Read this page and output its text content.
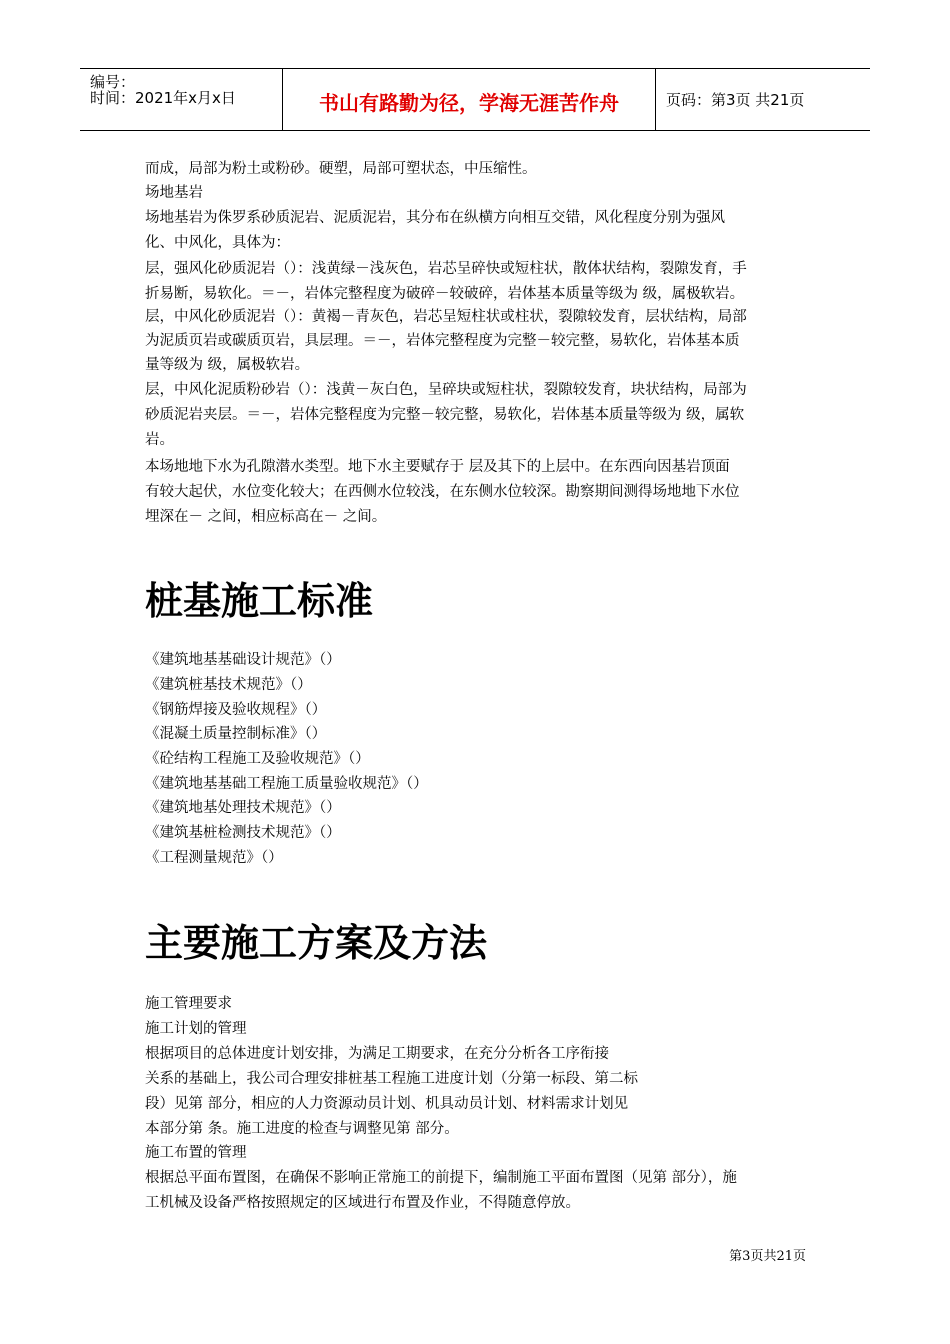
编号：
时间：2021年x月x日	书山有路勤为径，学海无涯苦作舟	页码：第3页 共21页
而成，局部为粉土或粉砂。硬塑，局部可塑状态，中压缩性。
场地基岩
场地基岩为侏罗系砂质泥岩、泥质泥岩，其分布在纵横方向相互交错，风化程度分别为强风
化、中风化，具体为：
层，强风化砂质泥岩（）：浅黄绿－浅灰色，岩芯呈碎快或短柱状，散体状结构，裂隙发育，手
折易断，易软化。＝－，岩体完整程度为破碎－较破碎，岩体基本质量等级为 级，属极软岩。
层，中风化砂质泥岩（）：黄褐－青灰色，岩芯呈短柱状或柱状，裂隙较发育，层状结构，局部
为泥质页岩或碳质页岩，具层理。＝－，岩体完整程度为完整－较完整，易软化，岩体基本质
量等级为 级，属极软岩。
层，中风化泥质粉砂岩（）：浅黄－灰白色，呈碎块或短柱状，裂隙较发育，块状结构，局部为
砂质泥岩夹层。＝－，岩体完整程度为完整－较完整，易软化，岩体基本质量等级为 级，属软
岩。
本场地地下水为孔隙潜水类型。地下水主要赋存于 层及其下的上层中。在东西向因基岩顶面
有较大起伏，水位变化较大；在西侧水位较浅，在东侧水位较深。勘察期间测得场地地下水位
埋深在－ 之间，相应标高在－ 之间。
桩基施工标准
《建筑地基基础设计规范》（）
《建筑桩基技术规范》（）
《钢筋焊接及验收规程》（）
《混凝土质量控制标准》（）
《砼结构工程施工及验收规范》（）
《建筑地基基础工程施工质量验收规范》（）
《建筑地基处理技术规范》（）
《建筑基桩检测技术规范》（）
《工程测量规范》（）
主要施工方案及方法
施工管理要求
施工计划的管理
根据项目的总体进度计划安排，为满足工期要求，在充分分析各工序衔接
关系的基础上，我公司合理安排桩基工程施工进度计划（分第一标段、第二标
段）见第 部分，相应的人力资源动员计划、机具动员计划、材料需求计划见
本部分第 条。施工进度的检查与调整见第 部分。
施工布置的管理
根据总平面布置图，在确保不影响正常施工的前提下，编制施工平面布置图（见第 部分），施
工机械及设备严格按照规定的区域进行布置及作业，不得随意停放。
第3页共21页
